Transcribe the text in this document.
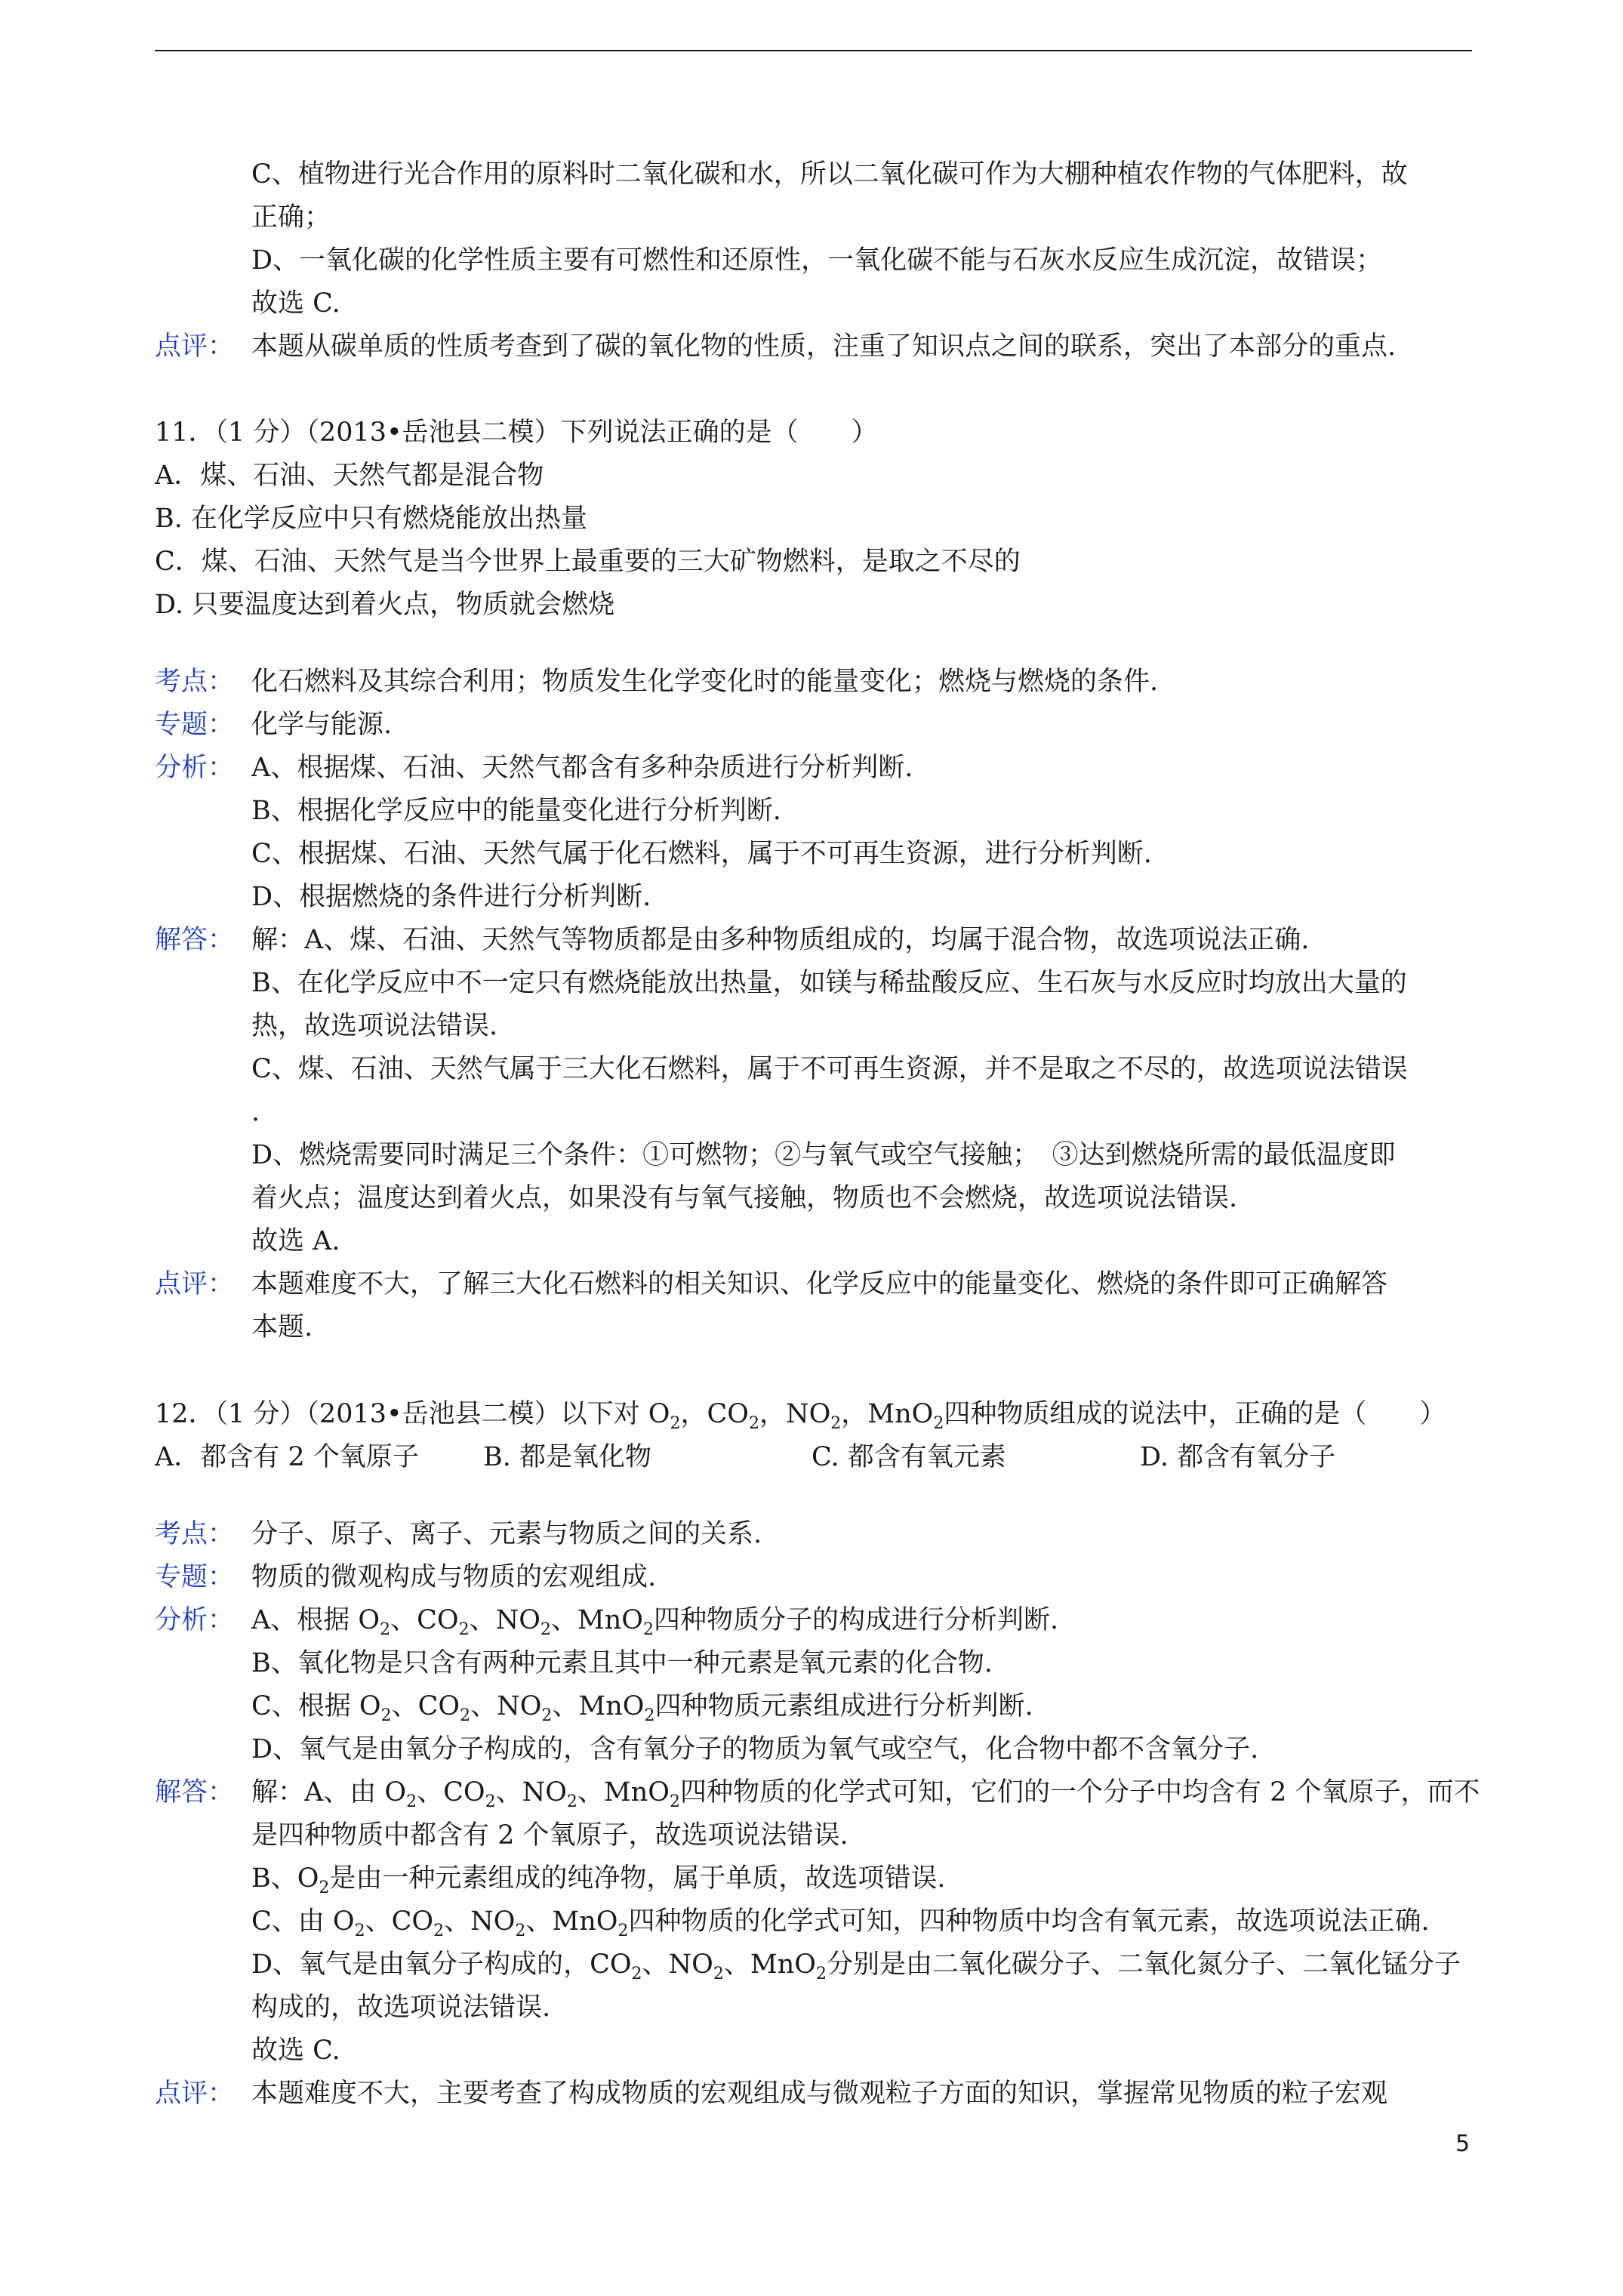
C、植物进行光合作用的原料时二氧化碳和水，所以二氧化碳可作为大棚种植农作物的气体肥料，故
正确；
D、一氧化碳的化学性质主要有可燃性和还原性，一氧化碳不能与石灰水反应生成沉淀，故错误；
故选 C.
点评： 本题从碳单质的性质考查到了碳的氧化物的性质，注重了知识点之间的联系，突出了本部分的重点.
11．（1 分）（2013•岳池县二模）下列说法正确的是（　　）
A．煤、石油、天然气都是混合物
B. 在化学反应中只有燃烧能放出热量
C．煤、石油、天然气是当今世界上最重要的三大矿物燃料，是取之不尽的
D. 只要温度达到着火点，物质就会燃烧
考点： 化石燃料及其综合利用；物质发生化学变化时的能量变化；燃烧与燃烧的条件.
专题： 化学与能源.
分析： A、根据煤、石油、天然气都含有多种杂质进行分析判断.
B、根据化学反应中的能量变化进行分析判断.
C、根据煤、石油、天然气属于化石燃料，属于不可再生资源，进行分析判断.
D、根据燃烧的条件进行分析判断.
解答： 解：A、煤、石油、天然气等物质都是由多种物质组成的，均属于混合物，故选项说法正确.
B、在化学反应中不一定只有燃烧能放出热量，如镁与稀盐酸反应、生石灰与水反应时均放出大量的
热，故选项说法错误.
C、煤、石油、天然气属于三大化石燃料，属于不可再生资源，并不是取之不尽的，故选项说法错误
.
D、燃烧需要同时满足三个条件：①可燃物；②与氧气或空气接触；　③达到燃烧所需的最低温度即
着火点；温度达到着火点，如果没有与氧气接触，物质也不会燃烧，故选项说法错误.
故选 A.
点评： 本题难度不大，了解三大化石燃料的相关知识、化学反应中的能量变化、燃烧的条件即可正确解答
本题.
12．（1 分）（2013•岳池县二模）以下对 $O_2$，$CO_2$，$NO_2$，MnO$_2$四种物质组成的说法中，正确的是（　　）
A．都含有 2 个氧原子 B. 都是氧化物	C. 都含有氧元素	D. 都含有氧分子
考点： 分子、原子、离子、元素与物质之间的关系.
专题： 物质的微观构成与物质的宏观组成.
分析： A、根据 $O_2$、$CO_2$、$NO_2$、MnO$_2$四种物质分子的构成进行分析判断.
B、氧化物是只含有两种元素且其中一种元素是氧元素的化合物.
C、根据 $O_2$、$CO_2$、$NO_2$、MnO$_2$四种物质元素组成进行分析判断.
D、氧气是由氧分子构成的，含有氧分子的物质为氧气或空气，化合物中都不含氧分子.
解答： 解：A、由 $O_2$、$CO_2$、$NO_2$、MnO$_2$四种物质的化学式可知，它们的一个分子中均含有 2 个氧原子，而不
是四种物质中都含有 2 个氧原子，故选项说法错误.
B、$O_2$是由一种元素组成的纯净物，属于单质，故选项错误.
C、由 $O_2$、$CO_2$、$NO_2$、MnO$_2$四种物质的化学式可知，四种物质中均含有氧元素，故选项说法正确.
D、氧气是由氧分子构成的，$CO_2$、$NO_2$、MnO$_2$分别是由二氧化碳分子、二氧化氮分子、二氧化锰分子
构成的，故选项说法错误.
故选 C.
点评： 本题难度不大，主要考查了构成物质的宏观组成与微观粒子方面的知识，掌握常见物质的粒子宏观
5
